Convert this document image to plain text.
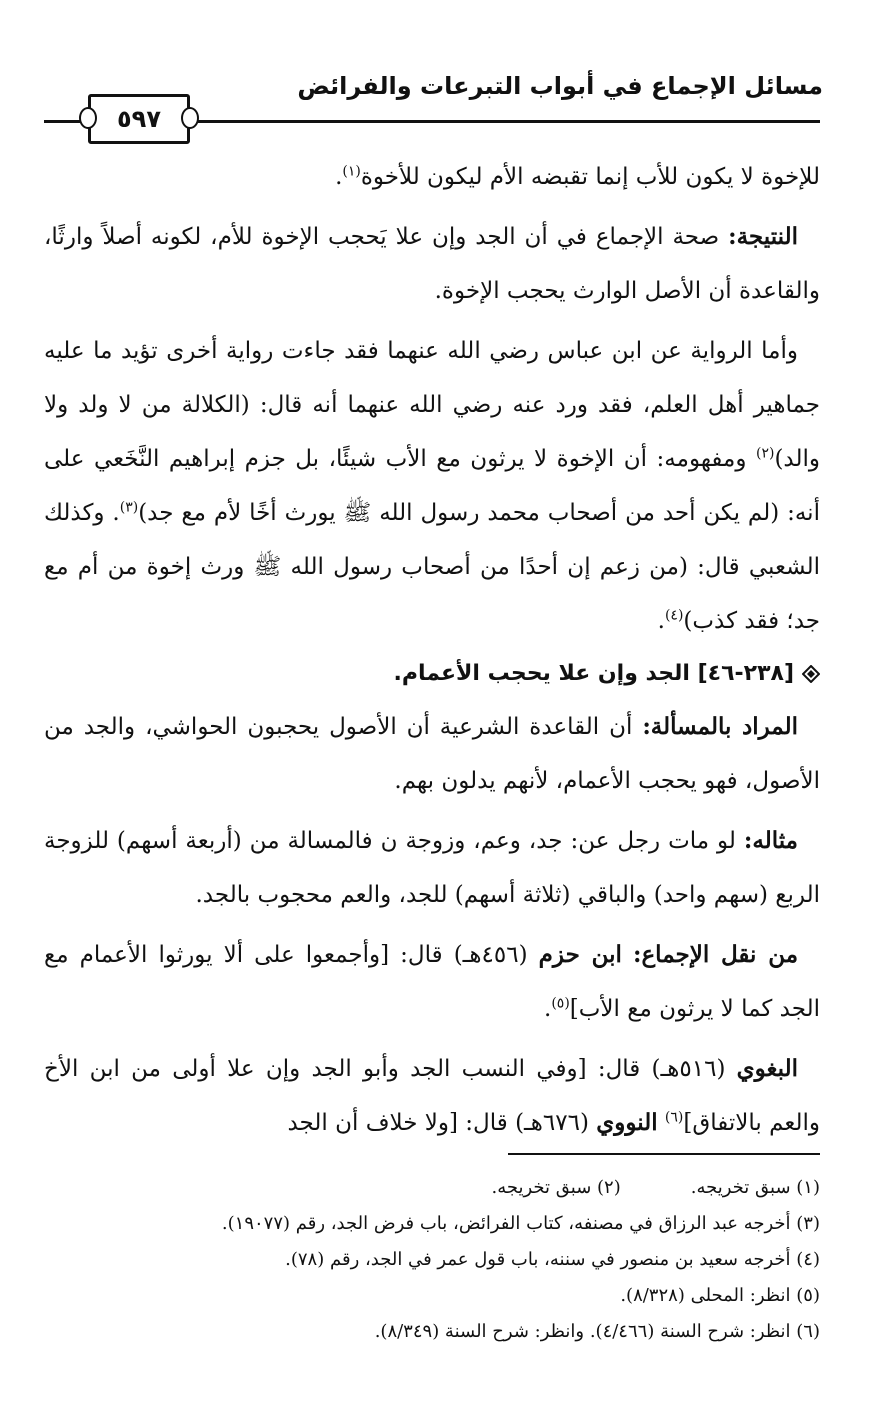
مسائل الإجماع في أبواب التبرعات والفرائض
٥٩٧

للإخوة لا يكون للأب إنما تقبضه الأم ليكون للأخوة$^{(١)}$.

النتيجة: صحة الإجماع في أن الجد وإن علا يَحجب الإخوة للأم، لكونه أصلاً وارثًا، والقاعدة أن الأصل الوارث يحجب الإخوة.

وأما الرواية عن ابن عباس رضي الله عنهما فقد جاءت رواية أخرى تؤيد ما عليه جماهير أهل العلم، فقد ورد عنه رضي الله عنهما أنه قال: (الكلالة من لا ولد ولا والد)$^{(٢)}$ ومفهومه: أن الإخوة لا يرثون مع الأب شيئًا، بل جزم إبراهيم النَّخَعي على أنه: (لم يكن أحد من أصحاب محمد رسول الله ﷺ يورث أخًا لأم مع جد)$^{(٣)}$. وكذلك الشعبي قال: (من زعم إن أحدًا من أصحاب رسول الله ﷺ ورث إخوة من أم مع جد؛ فقد كذب)$^{(٤)}$.

[٢٣٨-٤٦] الجد وإن علا يحجب الأعمام.

المراد بالمسألة: أن القاعدة الشرعية أن الأصول يحجبون الحواشي، والجد من الأصول، فهو يحجب الأعمام، لأنهم يدلون بهم.

مثاله: لو مات رجل عن: جد، وعم، وزوجة ن فالمسالة من (أربعة أسهم) للزوجة الربع (سهم واحد) والباقي (ثلاثة أسهم) للجد، والعم محجوب بالجد.

من نقل الإجماع: ابن حزم (٤٥٦هـ) قال: [وأجمعوا على ألا يورثوا الأعمام مع الجد كما لا يرثون مع الأب]$^{(٥)}$.

البغوي (٥١٦هـ) قال: [وفي النسب الجد وأبو الجد وإن علا أولى من ابن الأخ والعم بالاتفاق]$^{(٦)}$ النووي (٦٧٦هـ) قال: [ولا خلاف أن الجد

(١) سبق تخريجه.
(٢) سبق تخريجه.
(٣) أخرجه عبد الرزاق في مصنفه، كتاب الفرائض، باب فرض الجد، رقم (١٩٠٧٧).
(٤) أخرجه سعيد بن منصور في سننه، باب قول عمر في الجد، رقم (٧٨).
(٥) انظر: المحلى (٨/٣٢٨).
(٦) انظر: شرح السنة (٤/٤٦٦). وانظر: شرح السنة (٨/٣٤٩).
